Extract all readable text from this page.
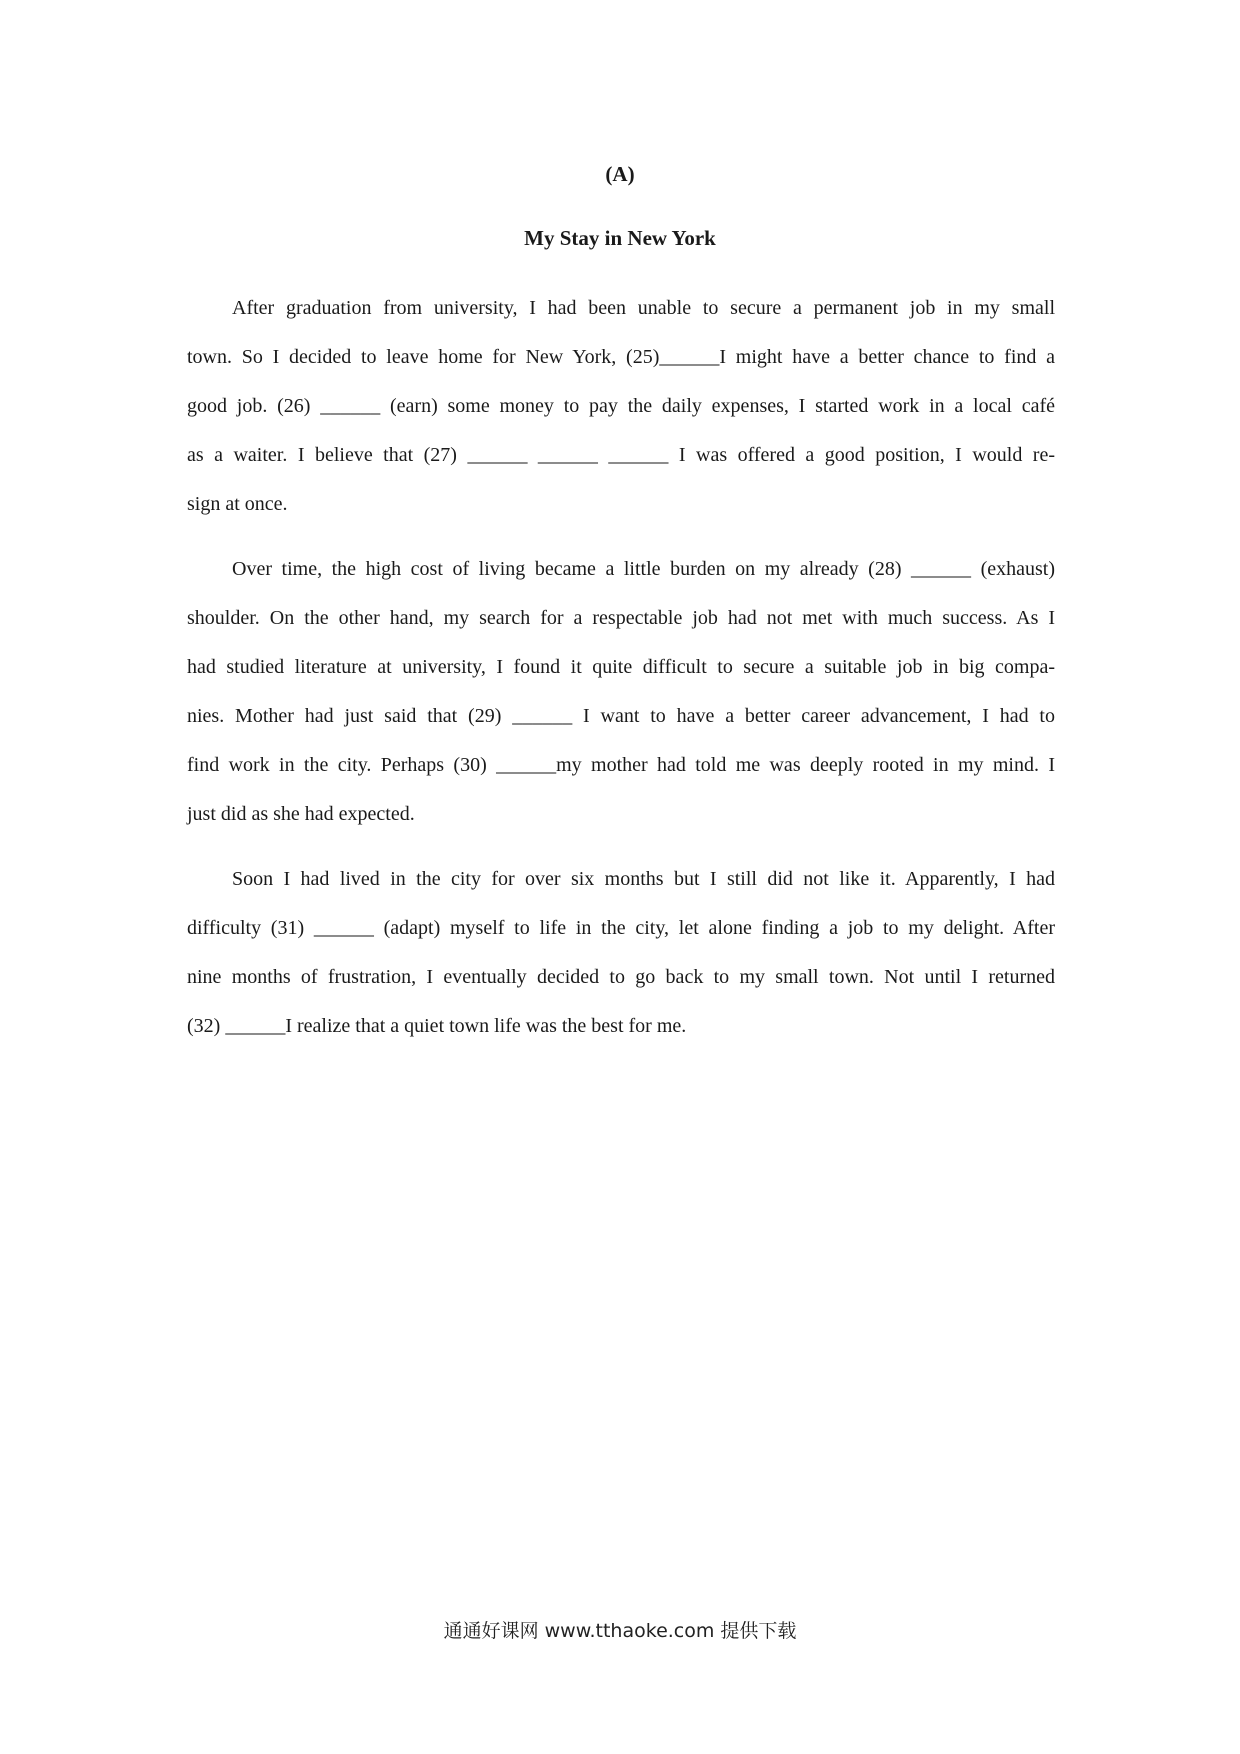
(A)
My Stay in New York
After graduation from university, I had been unable to secure a permanent job in my small
town. So I decided to leave home for New York, (25)______I might have a better chance to find a
good job. (26) ______ (earn) some money to pay the daily expenses, I started work in a local café
as a waiter. I believe that (27) ______ ______ ______ I was offered a good position, I would re-
sign at once.
Over time, the high cost of living became a little burden on my already (28) ______ (exhaust)
shoulder. On the other hand, my search for a respectable job had not met with much success. As I
had studied literature at university, I found it quite difficult to secure a suitable job in big compa-
nies. Mother had just said that (29) ______ I want to have a better career advancement, I had to
find work in the city. Perhaps (30) ______my mother had told me was deeply rooted in my mind. I
just did as she had expected.
Soon I had lived in the city for over six months but I still did not like it. Apparently, I had
difficulty (31) ______ (adapt) myself to life in the city, let alone finding a job to my delight. After
nine months of frustration, I eventually decided to go back to my small town. Not until I returned
(32) ______I realize that a quiet town life was the best for me.
通通好课网 www.tthaoke.com 提供下载
